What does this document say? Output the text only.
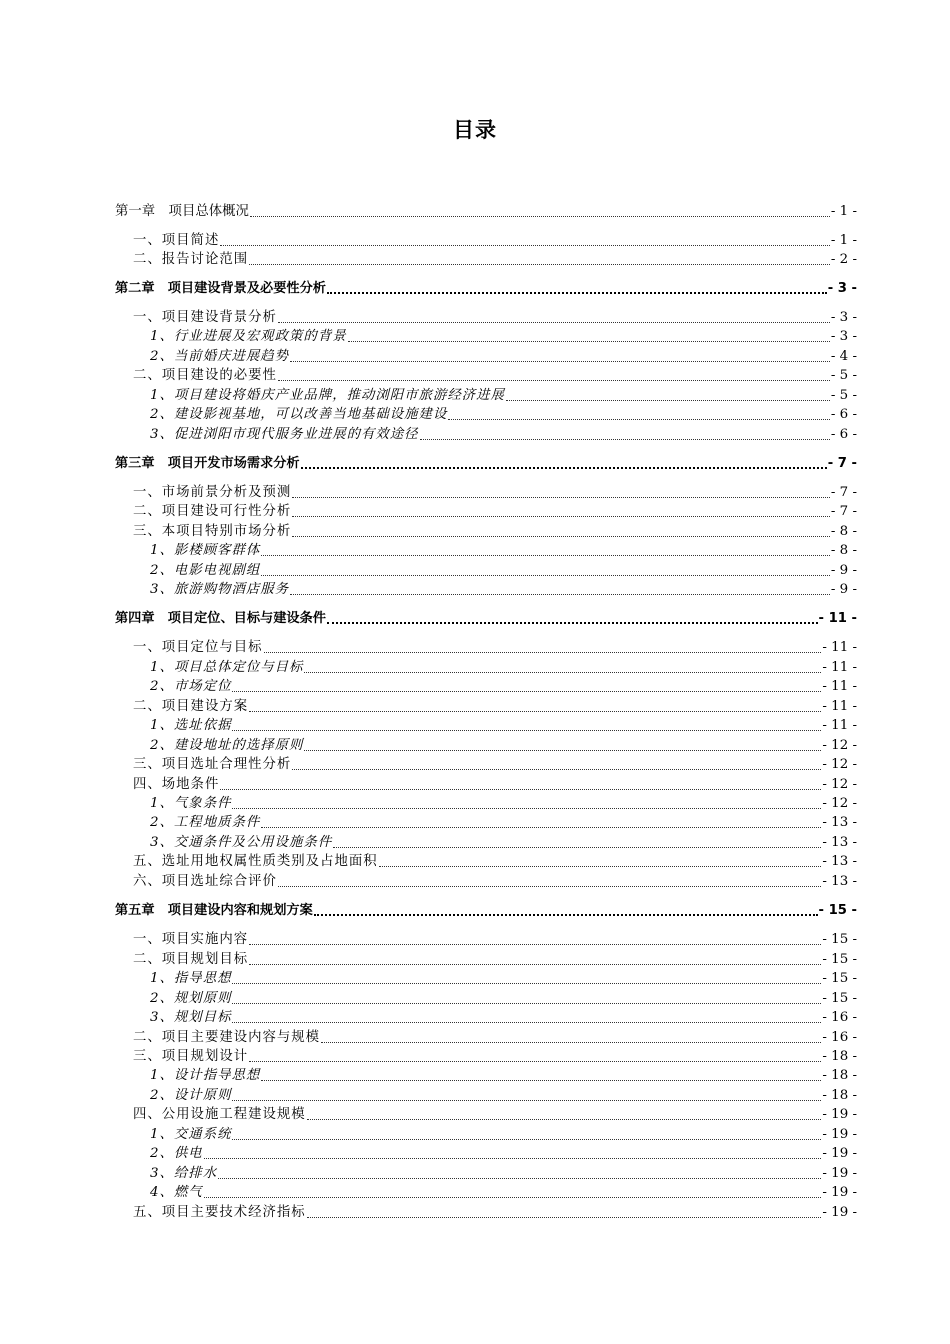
目录
第一章　项目总体概况	- 1 -
一、项目简述	- 1 -
二、报告讨论范围	- 2 -
第二章　项目建设背景及必要性分析	- 3 -
一、项目建设背景分析	- 3 -
1、行业进展及宏观政策的背景	- 3 -
2、当前婚庆进展趋势	- 4 -
二、项目建设的必要性	- 5 -
1、项目建设将婚庆产业品牌，推动浏阳市旅游经济进展	- 5 -
2、建设影视基地，可以改善当地基础设施建设	- 6 -
3、促进浏阳市现代服务业进展的有效途径	- 6 -
第三章　项目开发市场需求分析	- 7 -
一、市场前景分析及预测	- 7 -
二、项目建设可行性分析	- 7 -
三、本项目特别市场分析	- 8 -
1、影楼顾客群体	- 8 -
2、电影电视剧组	- 9 -
3、旅游购物酒店服务	- 9 -
第四章　项目定位、目标与建设条件	- 11 -
一、项目定位与目标	- 11 -
1、项目总体定位与目标	- 11 -
2、市场定位	- 11 -
二、项目建设方案	- 11 -
1、选址依据	- 11 -
2、建设地址的选择原则	- 12 -
三、项目选址合理性分析	- 12 -
四、场地条件	- 12 -
1、气象条件	- 12 -
2、工程地质条件	- 13 -
3、交通条件及公用设施条件	- 13 -
五、选址用地权属性质类别及占地面积	- 13 -
六、项目选址综合评价	- 13 -
第五章　项目建设内容和规划方案	- 15 -
一、项目实施内容	- 15 -
二、项目规划目标	- 15 -
1、指导思想	- 15 -
2、规划原则	- 15 -
3、规划目标	- 16 -
二、项目主要建设内容与规模	- 16 -
三、项目规划设计	- 18 -
1、设计指导思想	- 18 -
2、设计原则	- 18 -
四、公用设施工程建设规模	- 19 -
1、交通系统	- 19 -
2、供电	- 19 -
3、给排水	- 19 -
4、燃气	- 19 -
五、项目主要技术经济指标	- 19 -
